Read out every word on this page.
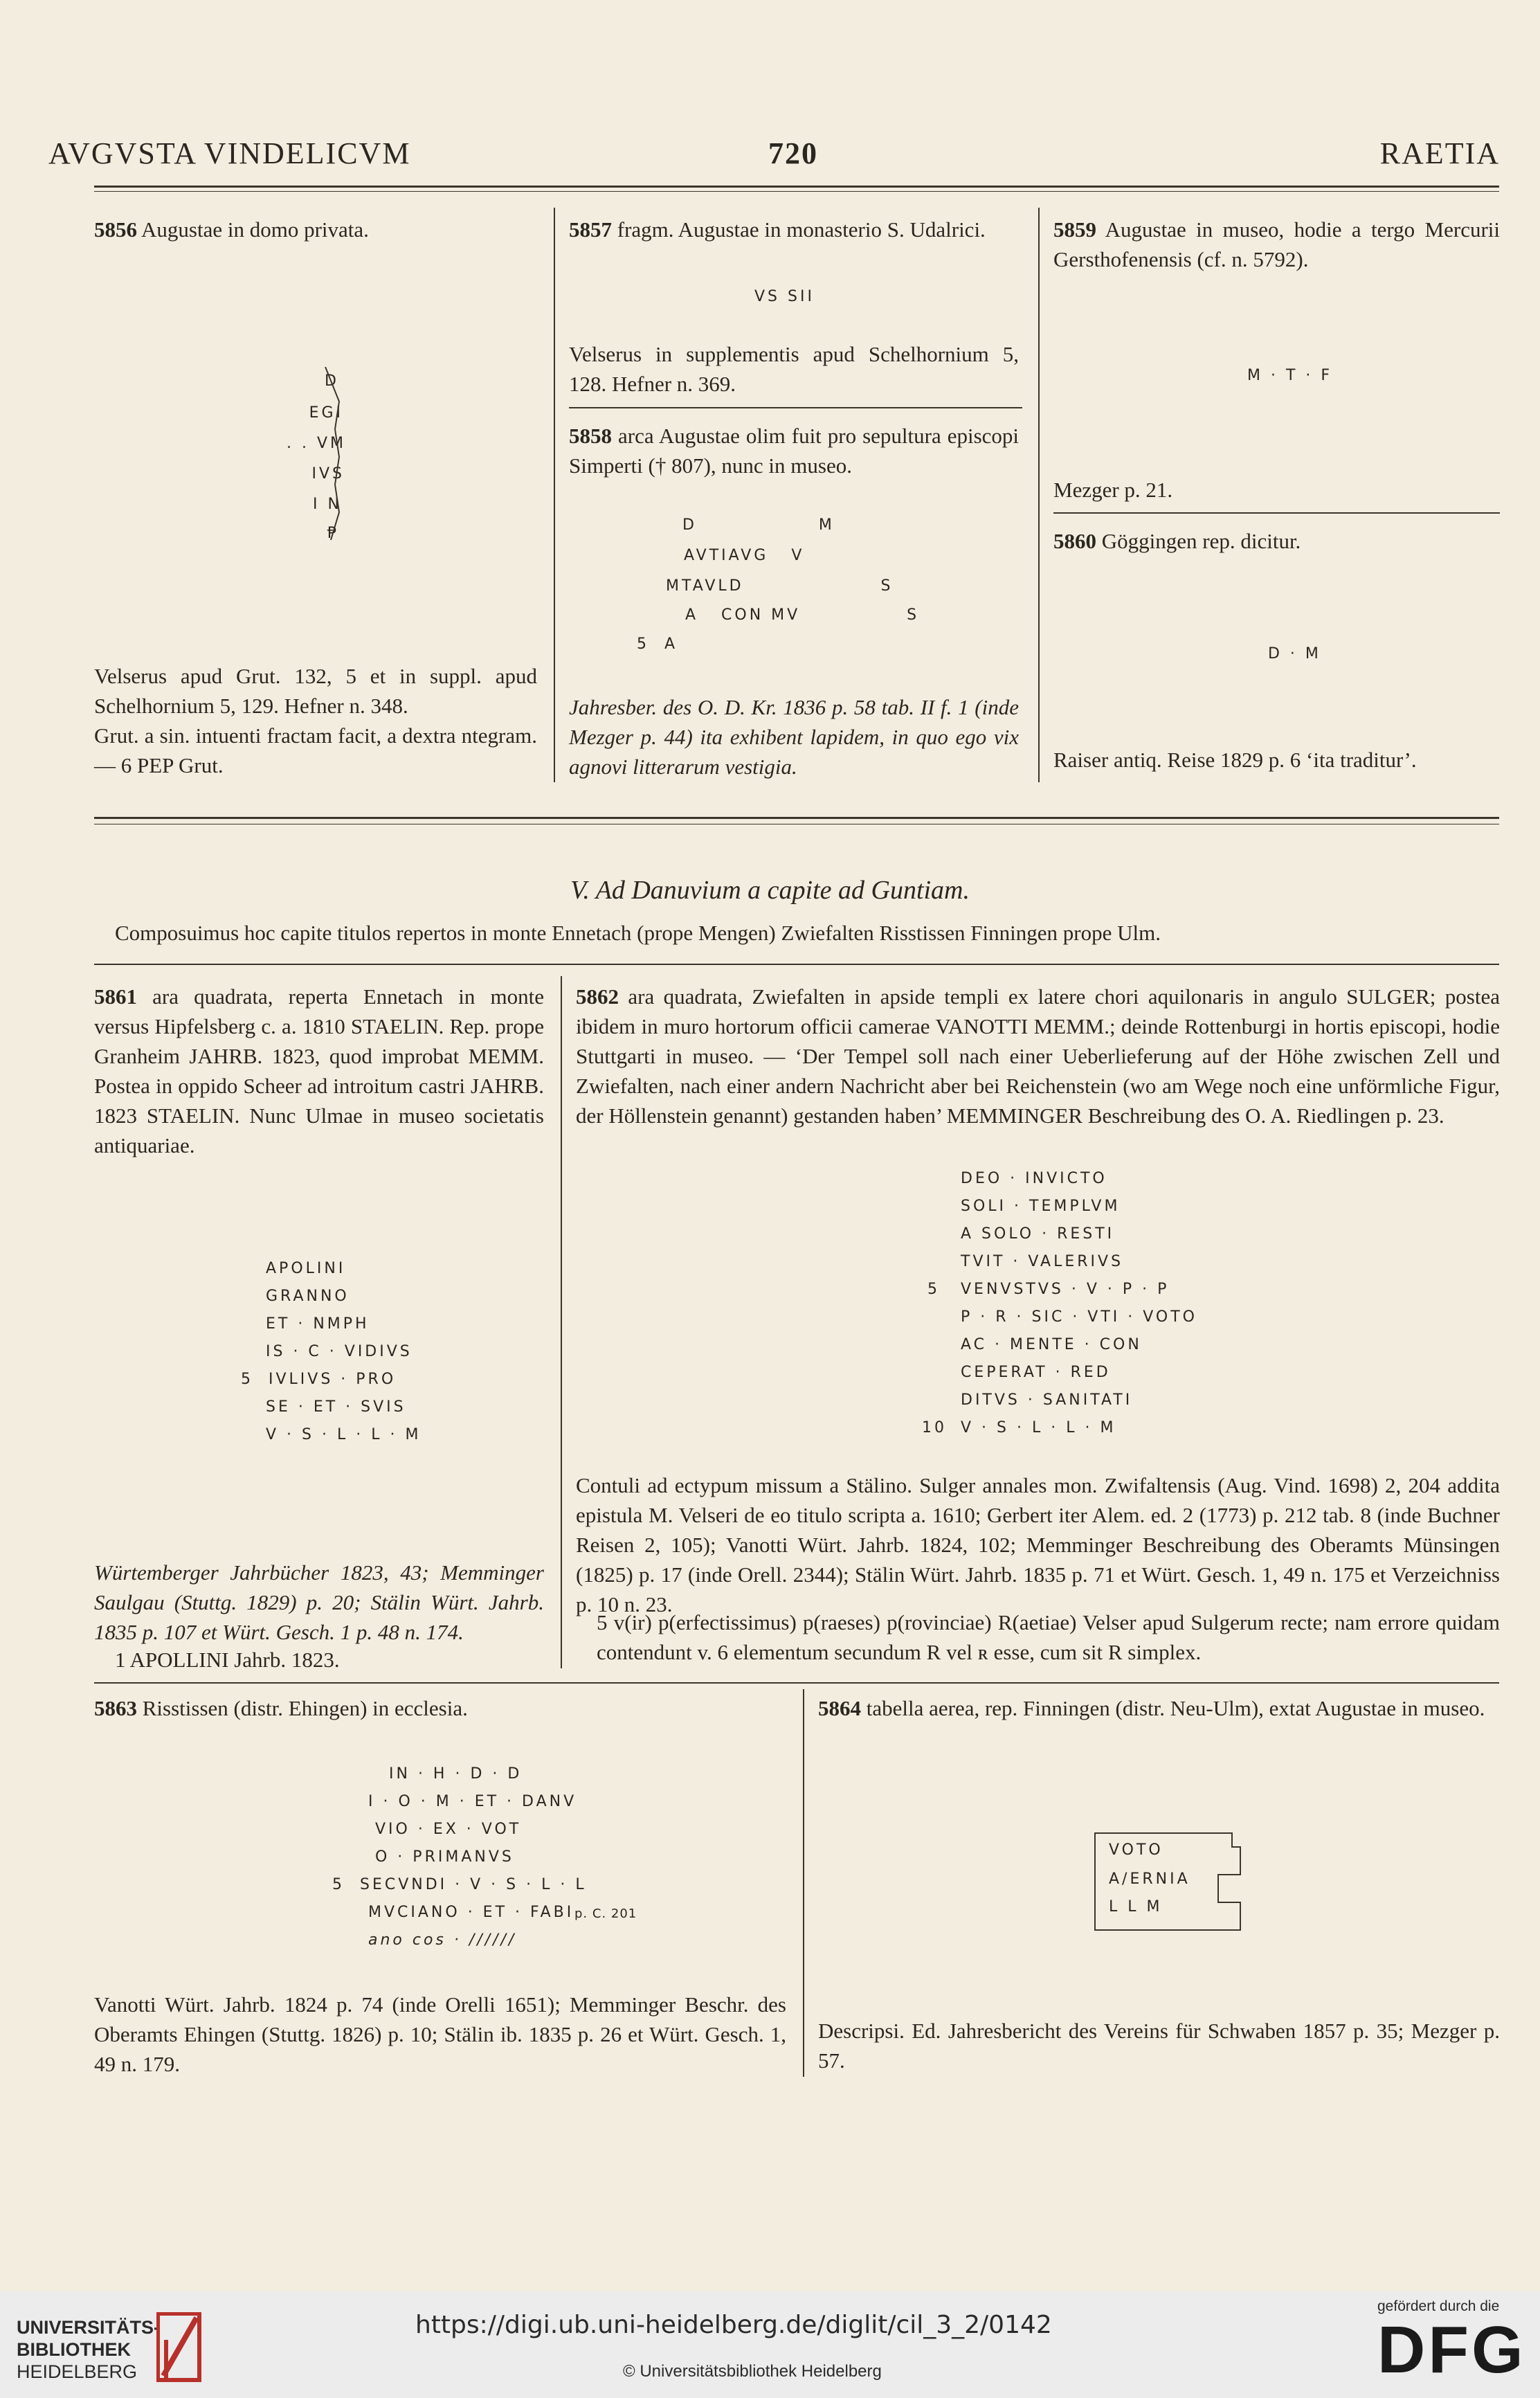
AVGVSTA VINDELICVM	720	RAETIA
5856 Augustae in domo privata.
D
EGI
. . VM
IVS
I N
Ᵽ
Velserus apud Grut. 132, 5 et in suppl. apud Schelhornium 5, 129. Hefner n. 348.
Grut. a sin. intuenti fractam facit, a dextra ntegram. — 6 PEP Grut.
5857 fragm. Augustae in monasterio S. Udalrici.
VS SII
Velserus in supplementis apud Schelhornium 5, 128. Hefner n. 369.
5858 arca Augustae olim fuit pro sepultura episcopi Simperti († 807), nunc in museo.
D                M
AVTIAVG   V
MTAVLD                  S
A   CON MV              S
5  A
Jahresber. des O. D. Kr. 1836 p. 58 tab. II f. 1 (inde Mezger p. 44) ita exhibent lapidem, in quo ego vix agnovi litterarum vestigia.
5859 Augustae in museo, hodie a tergo Mercurii Gersthofenensis (cf. n. 5792).
M · T · F
Mezger p. 21.
5860 Göggingen rep. dicitur.
D · M
Raiser antiq. Reise 1829 p. 6 ‘ita traditur’.
V. Ad Danuvium a capite ad Guntiam.
Composuimus hoc capite titulos repertos in monte Ennetach (prope Mengen) Zwiefalten Risstissen Finningen prope Ulm.
5861 ara quadrata, reperta Ennetach in monte versus Hipfelsberg c. a. 1810 STAELIN. Rep. prope Granheim JAHRB. 1823, quod improbat MEMM. Postea in oppido Scheer ad introitum castri JAHRB. 1823 STAELIN. Nunc Ulmae in museo societatis antiquariae.
APOLINI
GRANNO
ET · NMPH
IS · C · VIDIVS
5  IVLIVS · PRO
SE · ET · SVIS
V · S · L · L · M
Würtemberger Jahrbücher 1823, 43; Memminger Saulgau (Stuttg. 1829) p. 20; Stälin Würt. Jahrb. 1835 p. 107 et Würt. Gesch. 1 p. 48 n. 174.
1 APOLLINI Jahrb. 1823.
5862 ara quadrata, Zwiefalten in apside templi ex latere chori aquilonaris in angulo SULGER; postea ibidem in muro hortorum officii camerae VANOTTI MEMM.; deinde Rottenburgi in hortis episcopi, hodie Stuttgarti in museo. — ‘Der Tempel soll nach einer Ueberlieferung auf der Höhe zwischen Zell und Zwiefalten, nach einer andern Nachricht aber bei Reichenstein (wo am Wege noch eine unförmliche Figur, der Höllenstein genannt) gestanden haben’ MEMMINGER Beschreibung des O. A. Riedlingen p. 23.
DEO · INVICTO
SOLI · TEMPLVM
A SOLO · RESTI
TVIT · VALERIVS
5 VENVSTVS · V · P · P
P · R · SIC · VTI · VOTO
AC · MENTE · CON
CEPERAT · RED
DITVS · SANITATI
10 V · S · L · L · M
Contuli ad ectypum missum a Stälino. Sulger annales mon. Zwifaltensis (Aug. Vind. 1698) 2, 204 addita epistula M. Velseri de eo titulo scripta a. 1610; Gerbert iter Alem. ed. 2 (1773) p. 212 tab. 8 (inde Buchner Reisen 2, 105); Vanotti Würt. Jahrb. 1824, 102; Memminger Beschreibung des Oberamts Münsingen (1825) p. 17 (inde Orell. 2344); Stälin Würt. Jahrb. 1835 p. 71 et Würt. Gesch. 1, 49 n. 175 et Verzeichniss p. 10 n. 23.
5 v(ir) p(erfectissimus) p(raeses) p(rovinciae) R(aetiae) Velser apud Sulgerum recte; nam errore quidam contendunt v. 6 elementum secundum R vel ʀ esse, cum sit R simplex.
5863 Risstissen (distr. Ehingen) in ecclesia.
IN · H · D · D
I · O · M · ET · DANV
VIO · EX · VOT
O · PRIMANVS
5  SECVNDI · V · S · L · L
MVCIANO · ET · FABI
ano cos · //////
p. C. 201
Vanotti Würt. Jahrb. 1824 p. 74 (inde Orelli 1651); Memminger Beschr. des Oberamts Ehingen (Stuttg. 1826) p. 10; Stälin ib. 1835 p. 26 et Würt. Gesch. 1, 49 n. 179.
5864 tabella aerea, rep. Finningen (distr. Neu-Ulm), extat Augustae in museo.
VOTO
A/ERNIA
L L M
Descripsi. Ed. Jahresbericht des Vereins für Schwaben 1857 p. 35; Mezger p. 57.
UNIVERSITÄTS-
BIBLIOTHEK
HEIDELBERG
https://digi.ub.uni-heidelberg.de/diglit/cil_3_2/0142
© Universitätsbibliothek Heidelberg
gefördert durch die
DFG
